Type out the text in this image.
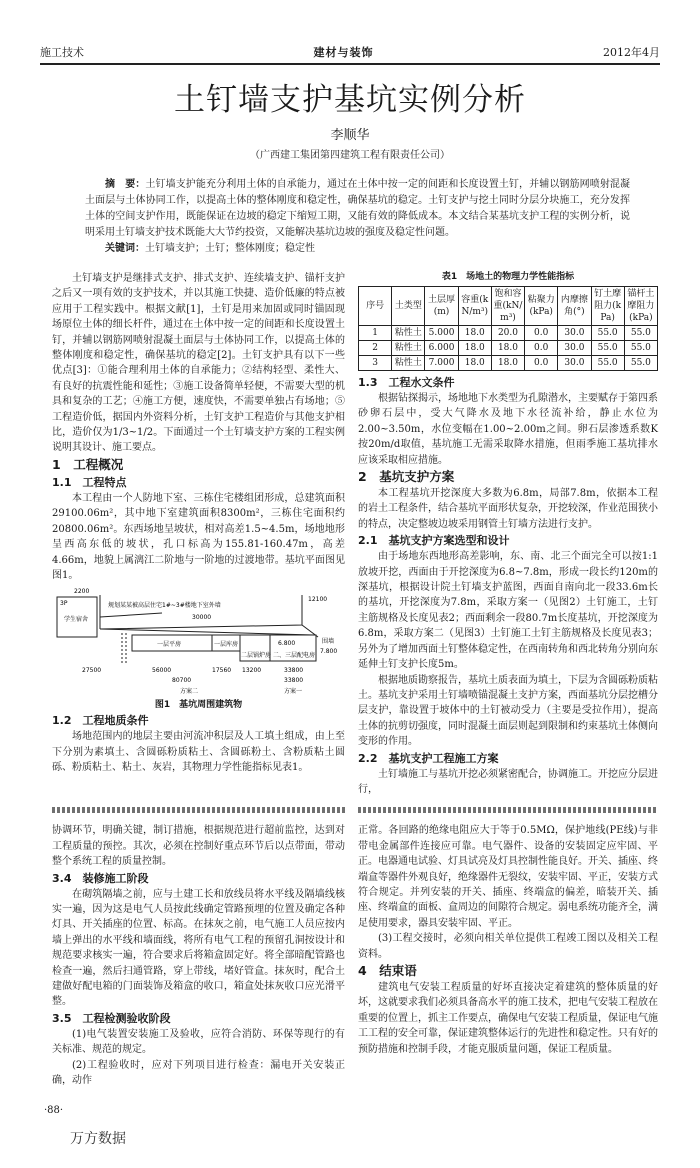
施工技术	建材与装饰	2012年4月
土钉墙支护基坑实例分析
李顺华
（广西建工集团第四建筑工程有限责任公司）

摘　要：土钉墙支护能充分利用土体的自承能力，通过在土体中按一定的间距和长度设置土钉，并辅以钢筋网喷射混凝土面层与土体协同工作，以提高土体的整体刚度和稳定性，确保基坑的稳定。土钉支护与挖土同时分层分块施工，充分发挥土体的空间支护作用，既能保证在边坡的稳定下缩短工期，又能有效的降低成本。本文结合某基坑支护工程的实例分析，说明采用土钉墙支护技术既能大大节约投资，又能解决基坑边坡的强度及稳定性问题。

关键词：土钉墙支护；土钉；整体刚度；稳定性

土钉墙支护是继排式支护、排式支护、连续墙支护、锚杆支护之后又一项有效的支护技术，并以其施工快捷、造价低廉的特点被应用于工程实践中。根据文献[1]，土钉是用来加固或同时锚固现场原位土体的细长杆件，通过在土体中按一定的间距和长度设置土钉，并辅以钢筋网喷射混凝土面层与土体协同工作，以提高土体的整体刚度和稳定性，确保基坑的稳定[2]。土钉支护具有以下一些优点[3]：①能合理利用土体的自承能力；②结构轻型、柔性大、有良好的抗震性能和延性；③施工设备简单轻便，不需要大型的机具和复杂的工艺；④施工方便，速度快，不需要单独占有场地；⑤工程造价低，据国内外资料分析，土钉支护工程造价与其他支护相比，造价仅为1/3~1/2。下面通过一个土钉墙支护方案的工程实例说明其设计、施工要点。

1　工程概况
1.1　工程特点

本工程由一个人防地下室、三栋住宅楼组团形成，总建筑面积29100.06m²，其中地下室建筑面积8300m²，三栋住宅面积约20800.06m²。东西场地呈坡状，相对高差1.5~4.5m，场地地形呈西高东低的坡状，孔口标高为155.81-160.47m，高差4.66m，地貌上属漓江二阶地与一阶地的过渡地带。基坑平面图见图1。

2200
3P
学生宿舍
12100
规划某某被高层住宅1#~3#楼地下室外墙
30000
一层平房	一层库房
二层锅炉房 二、三层配电房
6.800	围墙
7.800
27500	56000	17560 13200	33800
80700	33800
方案二	方案一
图1　基坑周围建筑物
1.2　工程地质条件

场地范围内的地层主要由河流冲积层及人工填土组成，由上至下分别为素填土、含圆砾粉质粘土、含圆砾粉土、含粉质粘土圆砾、粉质粘土、粘土、灰岩，其物理力学性能指标见表1。

表1　场地土的物理力学性能指标
序号	土类型	土层厚(m)	容重(kN/m³)	饱和容重(kN/m³)	粘聚力(kPa)	内摩擦角(°)	钉土摩阻力(kPa)	锚杆土摩阻力(kPa)
1	粘性土	5.000	18.0	20.0	0.0	30.0	55.0	55.0
2	粘性土	6.000	18.0	18.0	0.0	30.0	55.0	55.0
3	粘性土	7.000	18.0	18.0	0.0	30.0	55.0	55.0
1.3　工程水文条件

根据钻探揭示，场地地下水类型为孔隙潜水，主要赋存于第四系砂卵石层中，受大气降水及地下水径流补给，静止水位为2.00~3.50m，水位变幅在1.00~2.00m之间。卵石层渗透系数K按20m/d取值，基坑施工无需采取降水措施，但雨季施工基坑排水应该采取相应措施。

2　基坑支护方案

本工程基坑开挖深度大多数为6.8m，局部7.8m，依据本工程的岩土工程条件，结合基坑平面形状复杂，开挖较深，作业范围狭小的特点，决定整坡边坡采用钢管土钉墙方法进行支护。

2.1　基坑支护方案选型和设计

由于场地东西地形高差影响，东、南、北三个面完全可以按1:1放坡开挖，西面由于开挖深度为6.8~7.8m，形成一段长约120m的深基坑，根据设计院土钉墙支护蓝图，西面自南向北一段33.6m长的基坑，开挖深度为7.8m，采取方案一（见图2）土钉施工，土钉主筋规格及长度见表2；西面剩余一段80.7m长度基坑，开挖深度为6.8m，采取方案二（见图3）土钉施工土钉主筋规格及长度见表3；另外为了增加西面土钉整体稳定性，在西南转角和西北转角分别向东延伸土钉支护长度5m。

根据地质勘察报告，基坑土质表面为填土，下层为含圆砾粉质粘土。基坑支护采用土钉墙喷锚混凝土支护方案，西面基坑分层挖槽分层支护，靠设置于坡体中的土钉被动受力（主要是受拉作用），提高土体的抗剪切强度，同时混凝土面层则起到限制和约束基坑土体侧向变形的作用。

2.2　基坑支护工程施工方案

土钉墙施工与基坑开挖必须紧密配合，协调施工。开挖应分层进行，

协调环节，明确关键，制订措施，根据规范进行超前监控，达到对工程质量的预控。其次，必须在控制好重点环节后以点带面，带动整个系统工程的质量控制。

3.4　装修施工阶段

在砌筑隔墙之前，应与土建工长和放线员将水平线及隔墙线核实一遍，因为这是电气人员按此线确定管路预埋的位置及确定各种灯具、开关插座的位置、标高。在抹灰之前，电气施工人员应按内墙上弹出的水平线和墙面线，将所有电气工程的预留孔洞按设计和规范要求核实一遍，符合要求后将箱盒固定好。将全部暗配管路也检查一遍，然后扫通管路，穿上带线，堵好管盒。抹灰时，配合土建做好配电箱的门面装饰及箱盒的收口，箱盒处抹灰收口应光滑平整。

3.5　工程检测验收阶段

(1)电气装置安装施工及验收，应符合消防、环保等现行的有关标准、规范的规定。

(2)工程验收时，应对下列项目进行检查：漏电开关安装正确，动作

正常。各回路的绝缘电阻应大于等于0.5MΩ，保护地线(PE线)与非带电金属部件连接应可靠。电气器件、设备的安装固定应牢固、平正。电器通电试验、灯具试亮及灯具控制性能良好。开关、插座、终端盒等器件外观良好，绝缘器件无裂纹，安装牢固、平正，安装方式符合规定。并列安装的开关、插座、终端盒的偏差，暗装开关、插座、终端盒的面板、盒周边的间隙符合规定。弱电系统功能齐全，满足使用要求，器具安装牢固、平正。

(3)工程交接时，必须向相关单位提供工程竣工图以及相关工程资料。

4　结束语

建筑电气安装工程质量的好坏直接决定着建筑的整体质量的好坏，这就要求我们必须具备高水平的施工技术，把电气安装工程放在重要的位置上，抓主工作要点，确保电气安装工程质量，保证电气施工工程的安全可靠，保证建筑整体运行的先进性和稳定性。只有好的预防措施和控制手段，才能克服质量问题，保证工程质量。

·88·
万方数据
